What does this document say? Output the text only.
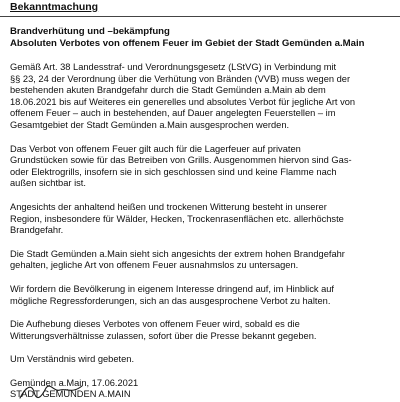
Bekanntmachung
Brandverhütung und –bekämpfung
Absoluten Verbotes von offenem Feuer im Gebiet der Stadt Gemünden a.Main
Gemäß Art. 38 Landesstraf- und Verordnungsgesetz (LStVG) in Verbindung mit
§§ 23, 24 der Verordnung über die Verhütung von Bränden (VVB) muss wegen der
bestehenden akuten Brandgefahr durch die Stadt Gemünden a.Main ab dem
18.06.2021 bis auf Weiteres ein generelles und absolutes Verbot für jegliche Art von
offenem Feuer – auch in bestehenden, auf Dauer angelegten Feuerstellen – im
Gesamtgebiet der Stadt Gemünden a.Main ausgesprochen werden.
Das Verbot von offenem Feuer gilt auch für die Lagerfeuer auf privaten
Grundstücken sowie für das Betreiben von Grills. Ausgenommen hiervon sind Gas-
oder Elektrogrills, insofern sie in sich geschlossen sind und keine Flamme nach
außen sichtbar ist.
Angesichts der anhaltend heißen und trockenen Witterung besteht in unserer
Region, insbesondere für Wälder, Hecken, Trockenrasenflächen etc. allerhöchste
Brandgefahr.
Die Stadt Gemünden a.Main sieht sich angesichts der extrem hohen Brandgefahr
gehalten, jegliche Art von offenem Feuer ausnahmslos zu untersagen.
Wir fordern die Bevölkerung in eigenem Interesse dringend auf, im Hinblick auf
mögliche Regressforderungen, sich an das ausgesprochene Verbot zu halten.
Die Aufhebung dieses Verbotes von offenem Feuer wird, sobald es die
Witterungsverhältnisse zulassen, sofort über die Presse bekannt gegeben.
Um Verständnis wird gebeten.
Gemünden a.Main, 17.06.2021
STADT GEMÜNDEN A.MAIN
